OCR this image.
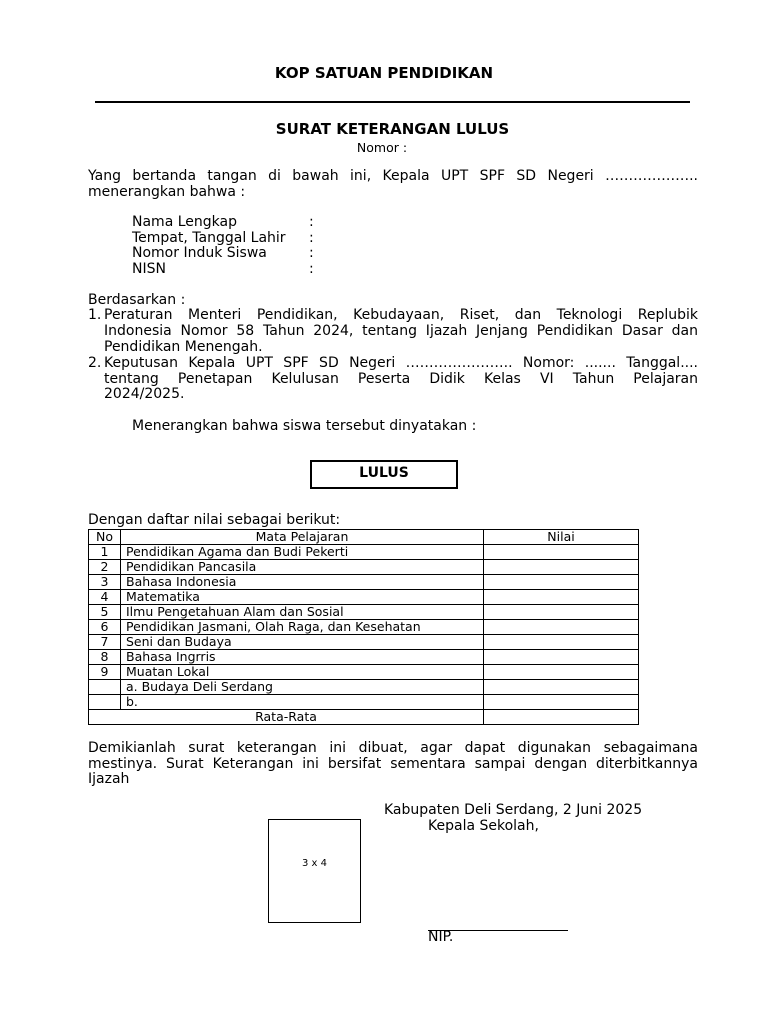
KOP SATUAN PENDIDIKAN
SURAT KETERANGAN LULUS
Nomor :
Yang bertanda tangan di bawah ini, Kepala UPT SPF SD Negeri ………………..
menerangkan bahwa :
Nama Lengkap	:
Tempat, Tanggal Lahir :
Nomor Induk Siswa	:
NISN	:
Berdasarkan :
1. Peraturan Menteri Pendidikan, Kebudayaan, Riset, dan Teknologi Replubik
Indonesia Nomor 58 Tahun 2024, tentang Ijazah Jenjang Pendidikan Dasar dan
Pendidikan Menengah.
2. Keputusan Kepala UPT SPF SD Negeri ………………….. Nomor: ....... Tanggal....
tentang Penetapan Kelulusan Peserta Didik Kelas VI Tahun Pelajaran
2024/2025.
Menerangkan bahwa siswa tersebut dinyatakan :
LULUS
Dengan daftar nilai sebagai berikut:
No	Mata Pelajaran	Nilai
1	Pendidikan Agama dan Budi Pekerti	
2	Pendidikan Pancasila	
3	Bahasa Indonesia	
4	Matematika	
5	Ilmu Pengetahuan Alam dan Sosial	
6	Pendidikan Jasmani, Olah Raga, dan Kesehatan	
7	Seni dan Budaya	
8	Bahasa Ingrris	
9	Muatan Lokal	
	a. Budaya Deli Serdang	
	b.	
Rata-Rata		
Demikianlah surat keterangan ini dibuat, agar dapat digunakan sebagaimana
mestinya. Surat Keterangan ini bersifat sementara sampai dengan diterbitkannya
Ijazah
Kabupaten Deli Serdang, 2 Juni 2025
Kepala Sekolah,
3 x 4
NIP.
